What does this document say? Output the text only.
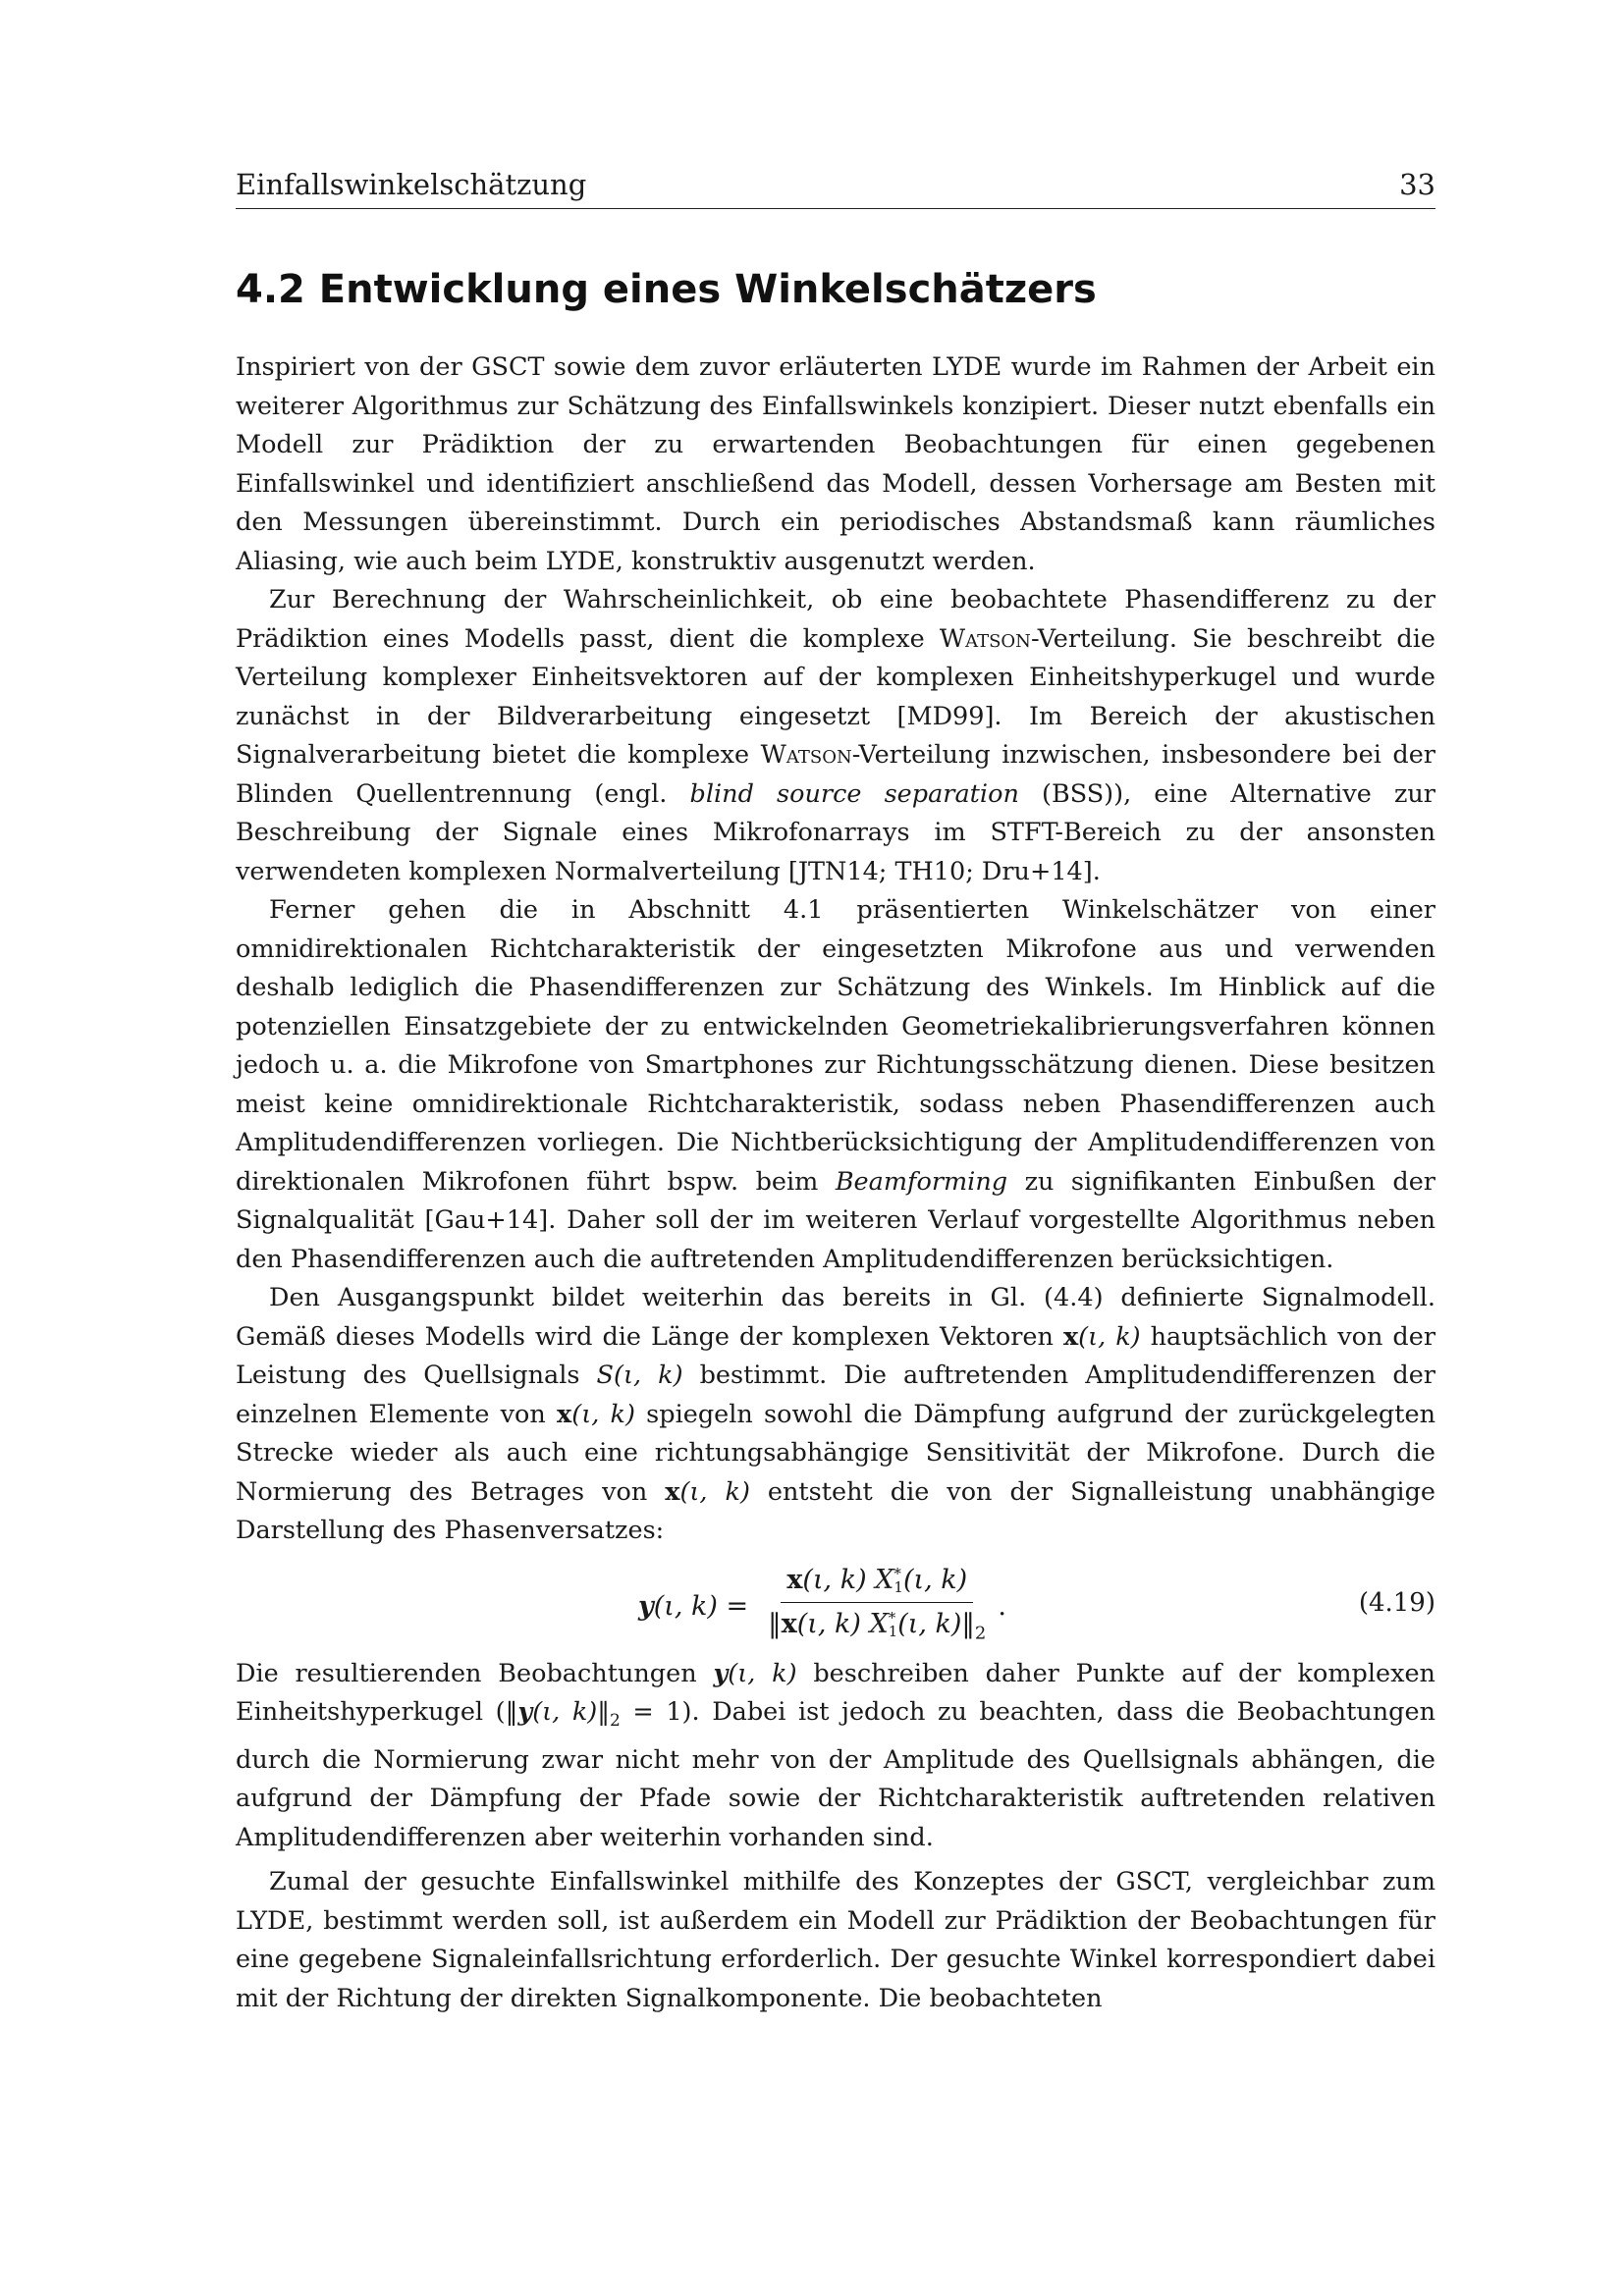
Einfallswinkelschätzung	33
4.2 Entwicklung eines Winkelschätzers

Inspiriert von der GSCT sowie dem zuvor erläuterten LYDE wurde im Rahmen der Arbeit ein weiterer Algorithmus zur Schätzung des Einfallswinkels konzipiert. Dieser nutzt ebenfalls ein Modell zur Prädiktion der zu erwartenden Beobachtungen für einen gegebenen Einfallswinkel und identifiziert anschließend das Modell, dessen Vorhersage am Besten mit den Messungen übereinstimmt. Durch ein periodisches Abstandsmaß kann räumliches Aliasing, wie auch beim LYDE, konstruktiv ausgenutzt werden.

Zur Berechnung der Wahrscheinlichkeit, ob eine beobachtete Phasendifferenz zu der Prädiktion eines Modells passt, dient die komplexe Watson-Verteilung. Sie beschreibt die Verteilung komplexer Einheitsvektoren auf der komplexen Einheitshyperkugel und wurde zunächst in der Bildverarbeitung eingesetzt [MD99]. Im Bereich der akustischen Signalverarbeitung bietet die komplexe Watson-Verteilung inzwischen, insbesondere bei der Blinden Quellentrennung (engl. blind source separation (BSS)), eine Alternative zur Beschreibung der Signale eines Mikrofonarrays im STFT-Bereich zu der ansonsten verwendeten komplexen Normalverteilung [JTN14; TH10; Dru+14].

Ferner gehen die in Abschnitt 4.1 präsentierten Winkelschätzer von einer omnidirektionalen Richtcharakteristik der eingesetzten Mikrofone aus und verwenden deshalb lediglich die Phasendifferenzen zur Schätzung des Winkels. Im Hinblick auf die potenziellen Einsatzgebiete der zu entwickelnden Geometriekalibrierungsverfahren können jedoch u. a. die Mikrofone von Smartphones zur Richtungsschätzung dienen. Diese besitzen meist keine omnidirektionale Richtcharakteristik, sodass neben Phasendifferenzen auch Amplitudendifferenzen vorliegen. Die Nichtberücksichtigung der Amplitudendifferenzen von direktionalen Mikrofonen führt bspw. beim Beamforming zu signifikanten Einbußen der Signalqualität [Gau+14]. Daher soll der im weiteren Verlauf vorgestellte Algorithmus neben den Phasendifferenzen auch die auftretenden Amplitudendifferenzen berücksichtigen.

Den Ausgangspunkt bildet weiterhin das bereits in Gl. (4.4) definierte Signalmodell. Gemäß dieses Modells wird die Länge der komplexen Vektoren x(ι, k) hauptsächlich von der Leistung des Quellsignals S(ι, k) bestimmt. Die auftretenden Amplitudendifferenzen der einzelnen Elemente von x(ι, k) spiegeln sowohl die Dämpfung aufgrund der zurückgelegten Strecke wieder als auch eine richtungsabhängige Sensitivität der Mikrofone. Durch die Normierung des Betrages von x(ι, k) entsteht die von der Signalleistung unabhängige Darstellung des Phasenversatzes:

y (ι, k) = x(ι, k) X *
1 (ι, k)
‖x(ι, k) X *
1 (ι, $k)‖_2$ .	(4.19)

Die resultierenden Beobachtungen y(ι, k) beschreiben daher Punkte auf der komplexen Einheitshyperkugel (‖y(ι, $k)‖_2 = 1$). Dabei ist jedoch zu beachten, dass die Beobachtungen durch die Normierung zwar nicht mehr von der Amplitude des Quellsignals abhängen, die aufgrund der Dämpfung der Pfade sowie der Richtcharakteristik auftretenden relativen Amplitudendifferenzen aber weiterhin vorhanden sind.

Zumal der gesuchte Einfallswinkel mithilfe des Konzeptes der GSCT, vergleichbar zum LYDE, bestimmt werden soll, ist außerdem ein Modell zur Prädiktion der Beobachtungen für eine gegebene Signaleinfallsrichtung erforderlich. Der gesuchte Winkel korrespondiert dabei mit der Richtung der direkten Signalkomponente. Die beobachteten
